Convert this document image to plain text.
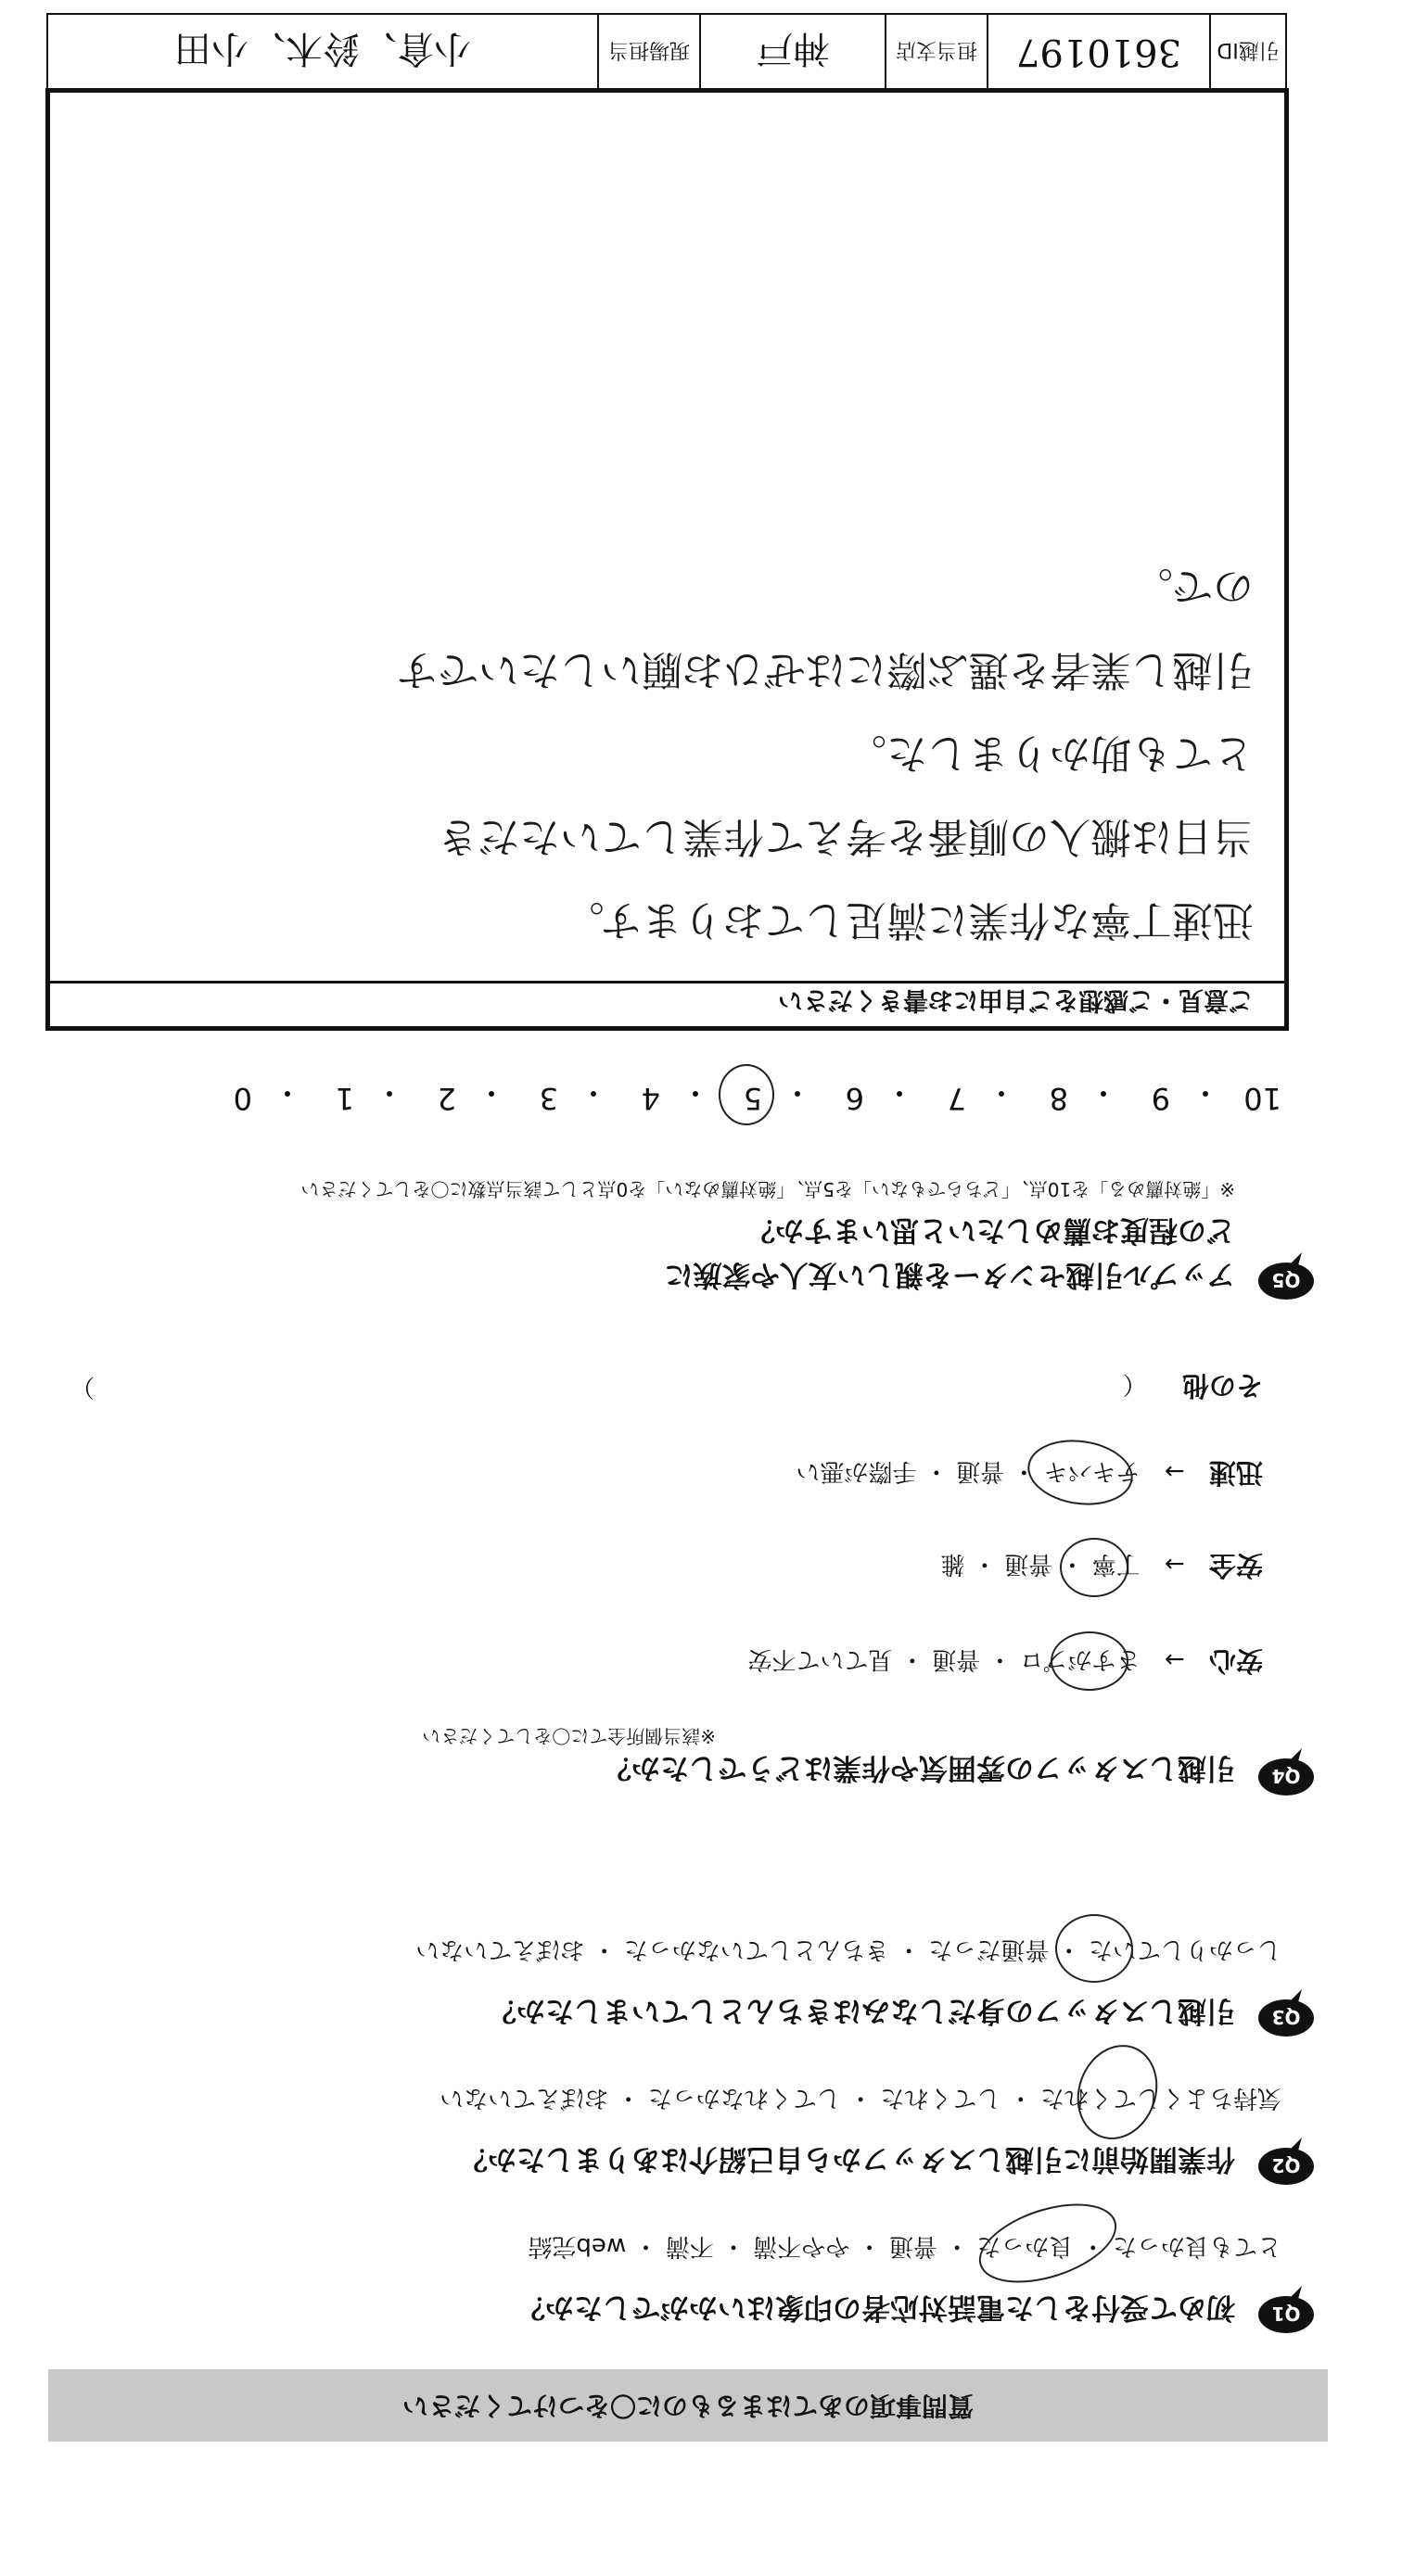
質問事項のあてはまるものに〇をつけてください
Q1
初めて受付をした電話対応者の印象はいかがでしたか？
とても良かった ・ 良かった ・ 普通 ・ やや不満 ・ 不満 ・ web完結
Q2
作業開始前に引越しスタッフから自己紹介はありましたか？
気持ちよくしてくれた ・ してくれた ・ してくれなかった ・ おぼえていない
Q3
引越しスタッフの身だしなみはきちんとしていましたか？
しっかりしていた ・ 普通だった ・ きちんとしていなかった ・ おぼえていない
Q4
引越しスタッフの雰囲気や作業はどうでしたか？
※該当個所全てに〇をしてください
安心 → さすがプロ ・ 普通 ・ 見ていて不安
安全 → 丁寧 ・ 普通 ・ 雑
迅速 → テキパキ ・ 普通 ・ 手際が悪い
その他 （
）
Q5
アップル引越センターを親しい友人や家族に
どの程度お薦めしたいと思いますか？
※「絶対薦める」を10点、「どちらでもない」を5点、「絶対薦めない」を0点として該当点数に〇をしてください
10
・
9
・
8
・
7
・
6
・
5
・
4
・
3
・
2
・
1
・
0
ご意見・ご感想をご自由にお書きください
迅速丁寧な作業に満足しております。
当日は搬入の順番を考えて作業していただき
とても助かりました。
引越し業者を選ぶ際にはぜひお願いしたいです
ので。
引越ID
3610197
担当支店
神戸
現場担当
小倉、鈴木、小田
